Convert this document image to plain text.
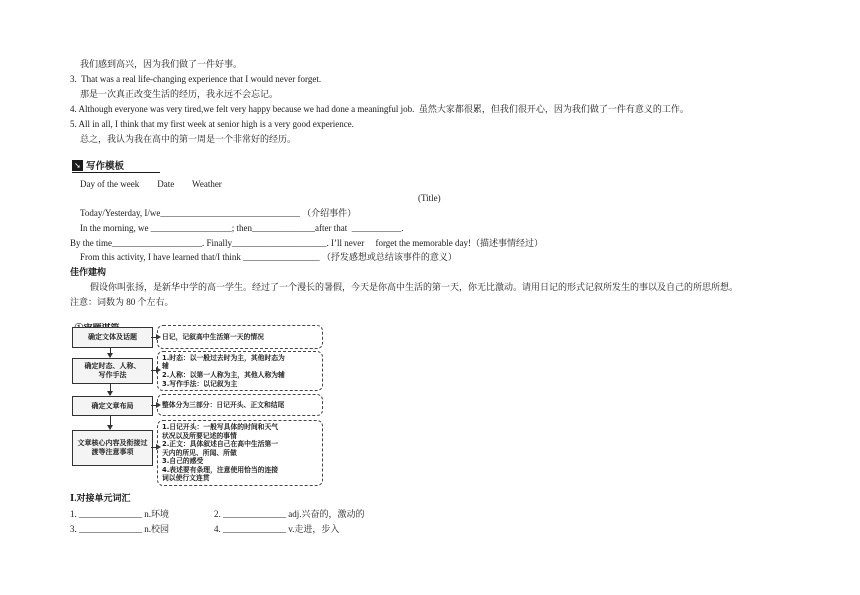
我们感到高兴，因为我们做了一件好事。
3.  That was a real life-changing experience that I would never forget.
那是一次真正改变生活的经历，我永远不会忘记。
4. Although everyone was very tired,we felt very happy because we had done a meaningful job.  虽然大家都很累，但我们很开心，因为我们做了一件有意义的工作。
5. All in all, I think that my first week at senior high is a very good experience.
总之，我认为我在高中的第一周是一个非常好的经历。
➘ 写作模板
Day of the week        Date        Weather
(Title)
Today/Yesterday, I/we_______________________________ （介绍事件）
In the morning, we __________________; then______________after that  ___________.
By the time____________________. Finally_____________________. I’ll never     forget the memorable day!（描述事情经过）
From this activity, I have learned that/I think _________________ （抒发感想或总结该事件的意义）
佳作建构
假设你叫张扬，是新华中学的高一学生。经过了一个漫长的暑假，今天是你高中生活的第一天，你无比激动。请用日记的形式记叙所发生的事以及自己的所思所想。
注意：词数为 80 个左右。

确定文体及话题
确定时态、人称、写作手法
确定文章布局
文章核心内容及衔接过渡等注意事项
日记，记叙高中生活第一天的情况
1.时态：以一般过去时为主，其他时态为
辅
2.人称：以第一人称为主，其他人称为辅
3.写作手法：以记叙为主
整体分为三部分：日记开头、正文和结尾
1.日记开头：一般写具体的时间和天气
状况以及所要记述的事情
2.正文：具体叙述自己在高中生活第一
天内的所见、所闻、所做
3.自己的感受
4.表述要有条理，注意使用恰当的连接
词以使行文连贯
Ⅰ.对接单元词汇
1. ______________ n.环境	2. ______________ adj.兴奋的，激动的
3. ______________ n.校园	4. ______________ v.走进，步入
